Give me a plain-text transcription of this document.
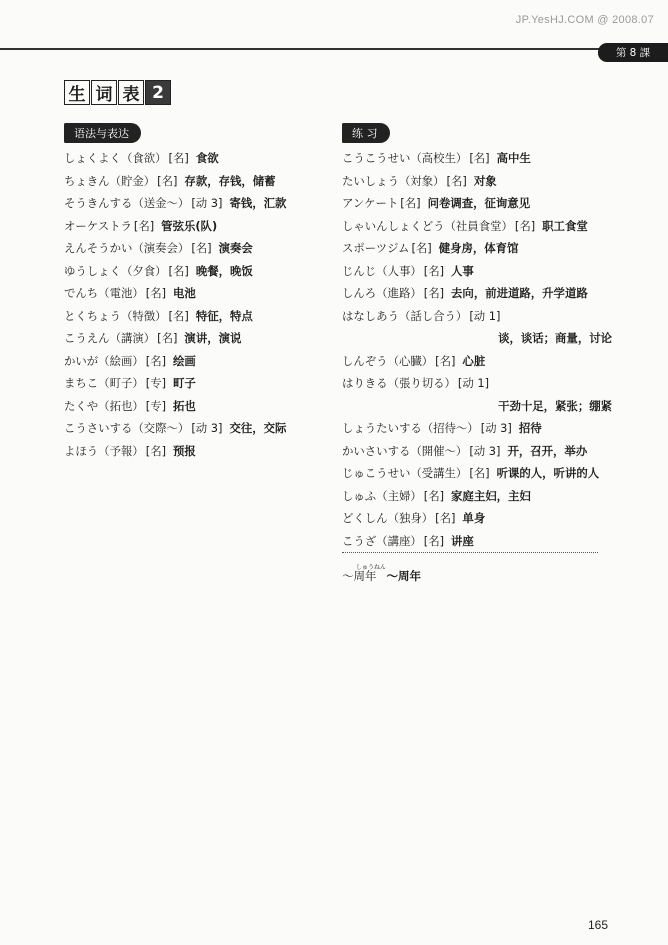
JP.YesHJ.COM @ 2008.07
第 8 課
生 词 表 2
语法与表达
しょくよく（食欲） [名] 食欲
ちょきん（貯金） [名] 存款，存钱，储蓄
そうきんする（送金〜） [动 3] 寄钱，汇款
オーケストラ [名] 管弦乐(队)
えんそうかい（演奏会） [名] 演奏会
ゆうしょく（夕食） [名] 晚餐，晚饭
でんち（電池） [名] 电池
とくちょう（特徴） [名] 特征，特点
こうえん（講演） [名] 演讲，演说
かいが（絵画） [名] 绘画
まちこ（町子） [专] 町子
たくや（拓也） [专] 拓也
こうさいする（交際〜） [动 3] 交往，交际
よほう（予報） [名] 预报
练 习
こうこうせい（高校生） [名] 高中生
たいしょう（対象） [名] 对象
アンケート [名] 问卷调查，征询意见
しゃいんしょくどう（社員食堂） [名] 职工食堂
スポーツジム [名] 健身房，体育馆
じんじ（人事） [名] 人事
しんろ（進路） [名] 去向，前进道路，升学道路
はなしあう（話し合う） [动 1]
谈，谈话；商量，讨论
しんぞう（心臓） [名] 心脏
はりきる（張り切る） [动 1]
干劲十足，紧张；绷紧
しょうたいする（招待〜） [动 3] 招待
かいさいする（開催〜） [动 3] 开，召开，举办
じゅこうせい（受講生） [名] 听课的人，听讲的人
しゅふ（主婦） [名] 家庭主妇，主妇
どくしん（独身） [名] 单身
こうざ（講座） [名] 讲座
しゅうねん
〜周年 〜周年
165
